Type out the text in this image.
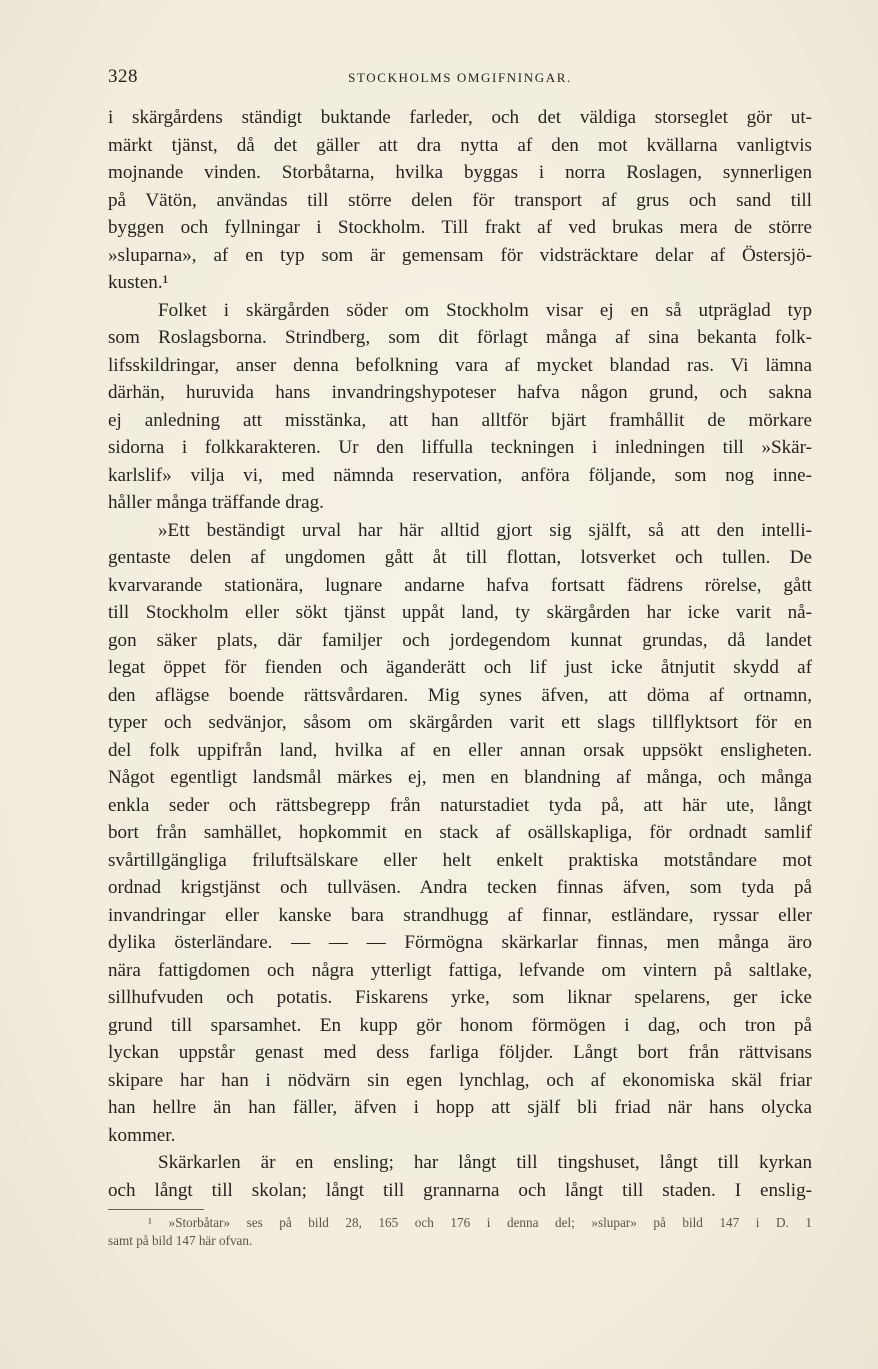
328	STOCKHOLMS OMGIFNINGAR.

i skärgårdens ständigt buktande farleder, och det väldiga storseglet gör ut-

märkt tjänst, då det gäller att dra nytta af den mot kvällarna vanligtvis

mojnande vinden. Storbåtarna, hvilka byggas i norra Roslagen, synnerligen

på Vätön, användas till större delen för transport af grus och sand till

byggen och fyllningar i Stockholm. Till frakt af ved brukas mera de större

»sluparna», af en typ som är gemensam för vidsträcktare delar af Östersjö-

kusten.¹

Folket i skärgården söder om Stockholm visar ej en så utpräglad typ

som Roslagsborna. Strindberg, som dit förlagt många af sina bekanta folk-

lifsskildringar, anser denna befolkning vara af mycket blandad ras. Vi lämna

därhän, huruvida hans invandringshypoteser hafva någon grund, och sakna

ej anledning att misstänka, att han alltför bjärt framhållit de mörkare

sidorna i folkkarakteren. Ur den liffulla teckningen i inledningen till »Skär-

karlslif» vilja vi, med nämnda reservation, anföra följande, som nog inne-

håller många träffande drag.

»Ett beständigt urval har här alltid gjort sig själft, så att den intelli-

gentaste delen af ungdomen gått åt till flottan, lotsverket och tullen. De

kvarvarande stationära, lugnare andarne hafva fortsatt fädrens rörelse, gått

till Stockholm eller sökt tjänst uppåt land, ty skärgården har icke varit nå-

gon säker plats, där familjer och jordegendom kunnat grundas, då landet

legat öppet för fienden och äganderätt och lif just icke åtnjutit skydd af

den aflägse boende rättsvårdaren. Mig synes äfven, att döma af ortnamn,

typer och sedvänjor, såsom om skärgården varit ett slags tillflyktsort för en

del folk uppifrån land, hvilka af en eller annan orsak uppsökt ensligheten.

Något egentligt landsmål märkes ej, men en blandning af många, och många

enkla seder och rättsbegrepp från naturstadiet tyda på, att här ute, långt

bort från samhället, hopkommit en stack af osällskapliga, för ordnadt samlif

svårtillgängliga friluftsälskare eller helt enkelt praktiska motståndare mot

ordnad krigstjänst och tullväsen. Andra tecken finnas äfven, som tyda på

invandringar eller kanske bara strandhugg af finnar, estländare, ryssar eller

dylika österländare. — — — Förmögna skärkarlar finnas, men många äro

nära fattigdomen och några ytterligt fattiga, lefvande om vintern på saltlake,

sillhufvuden och potatis. Fiskarens yrke, som liknar spelarens, ger icke

grund till sparsamhet. En kupp gör honom förmögen i dag, och tron på

lyckan uppstår genast med dess farliga följder. Långt bort från rättvisans

skipare har han i nödvärn sin egen lynchlag, och af ekonomiska skäl friar

han hellre än han fäller, äfven i hopp att själf bli friad när hans olycka

kommer.

Skärkarlen är en ensling; har långt till tingshuset, långt till kyrkan

och långt till skolan; långt till grannarna och långt till staden. I enslig-

¹ »Storbåtar» ses på bild 28, 165 och 176 i denna del; »slupar» på bild 147 i D. 1

samt på bild 147 här ofvan.
